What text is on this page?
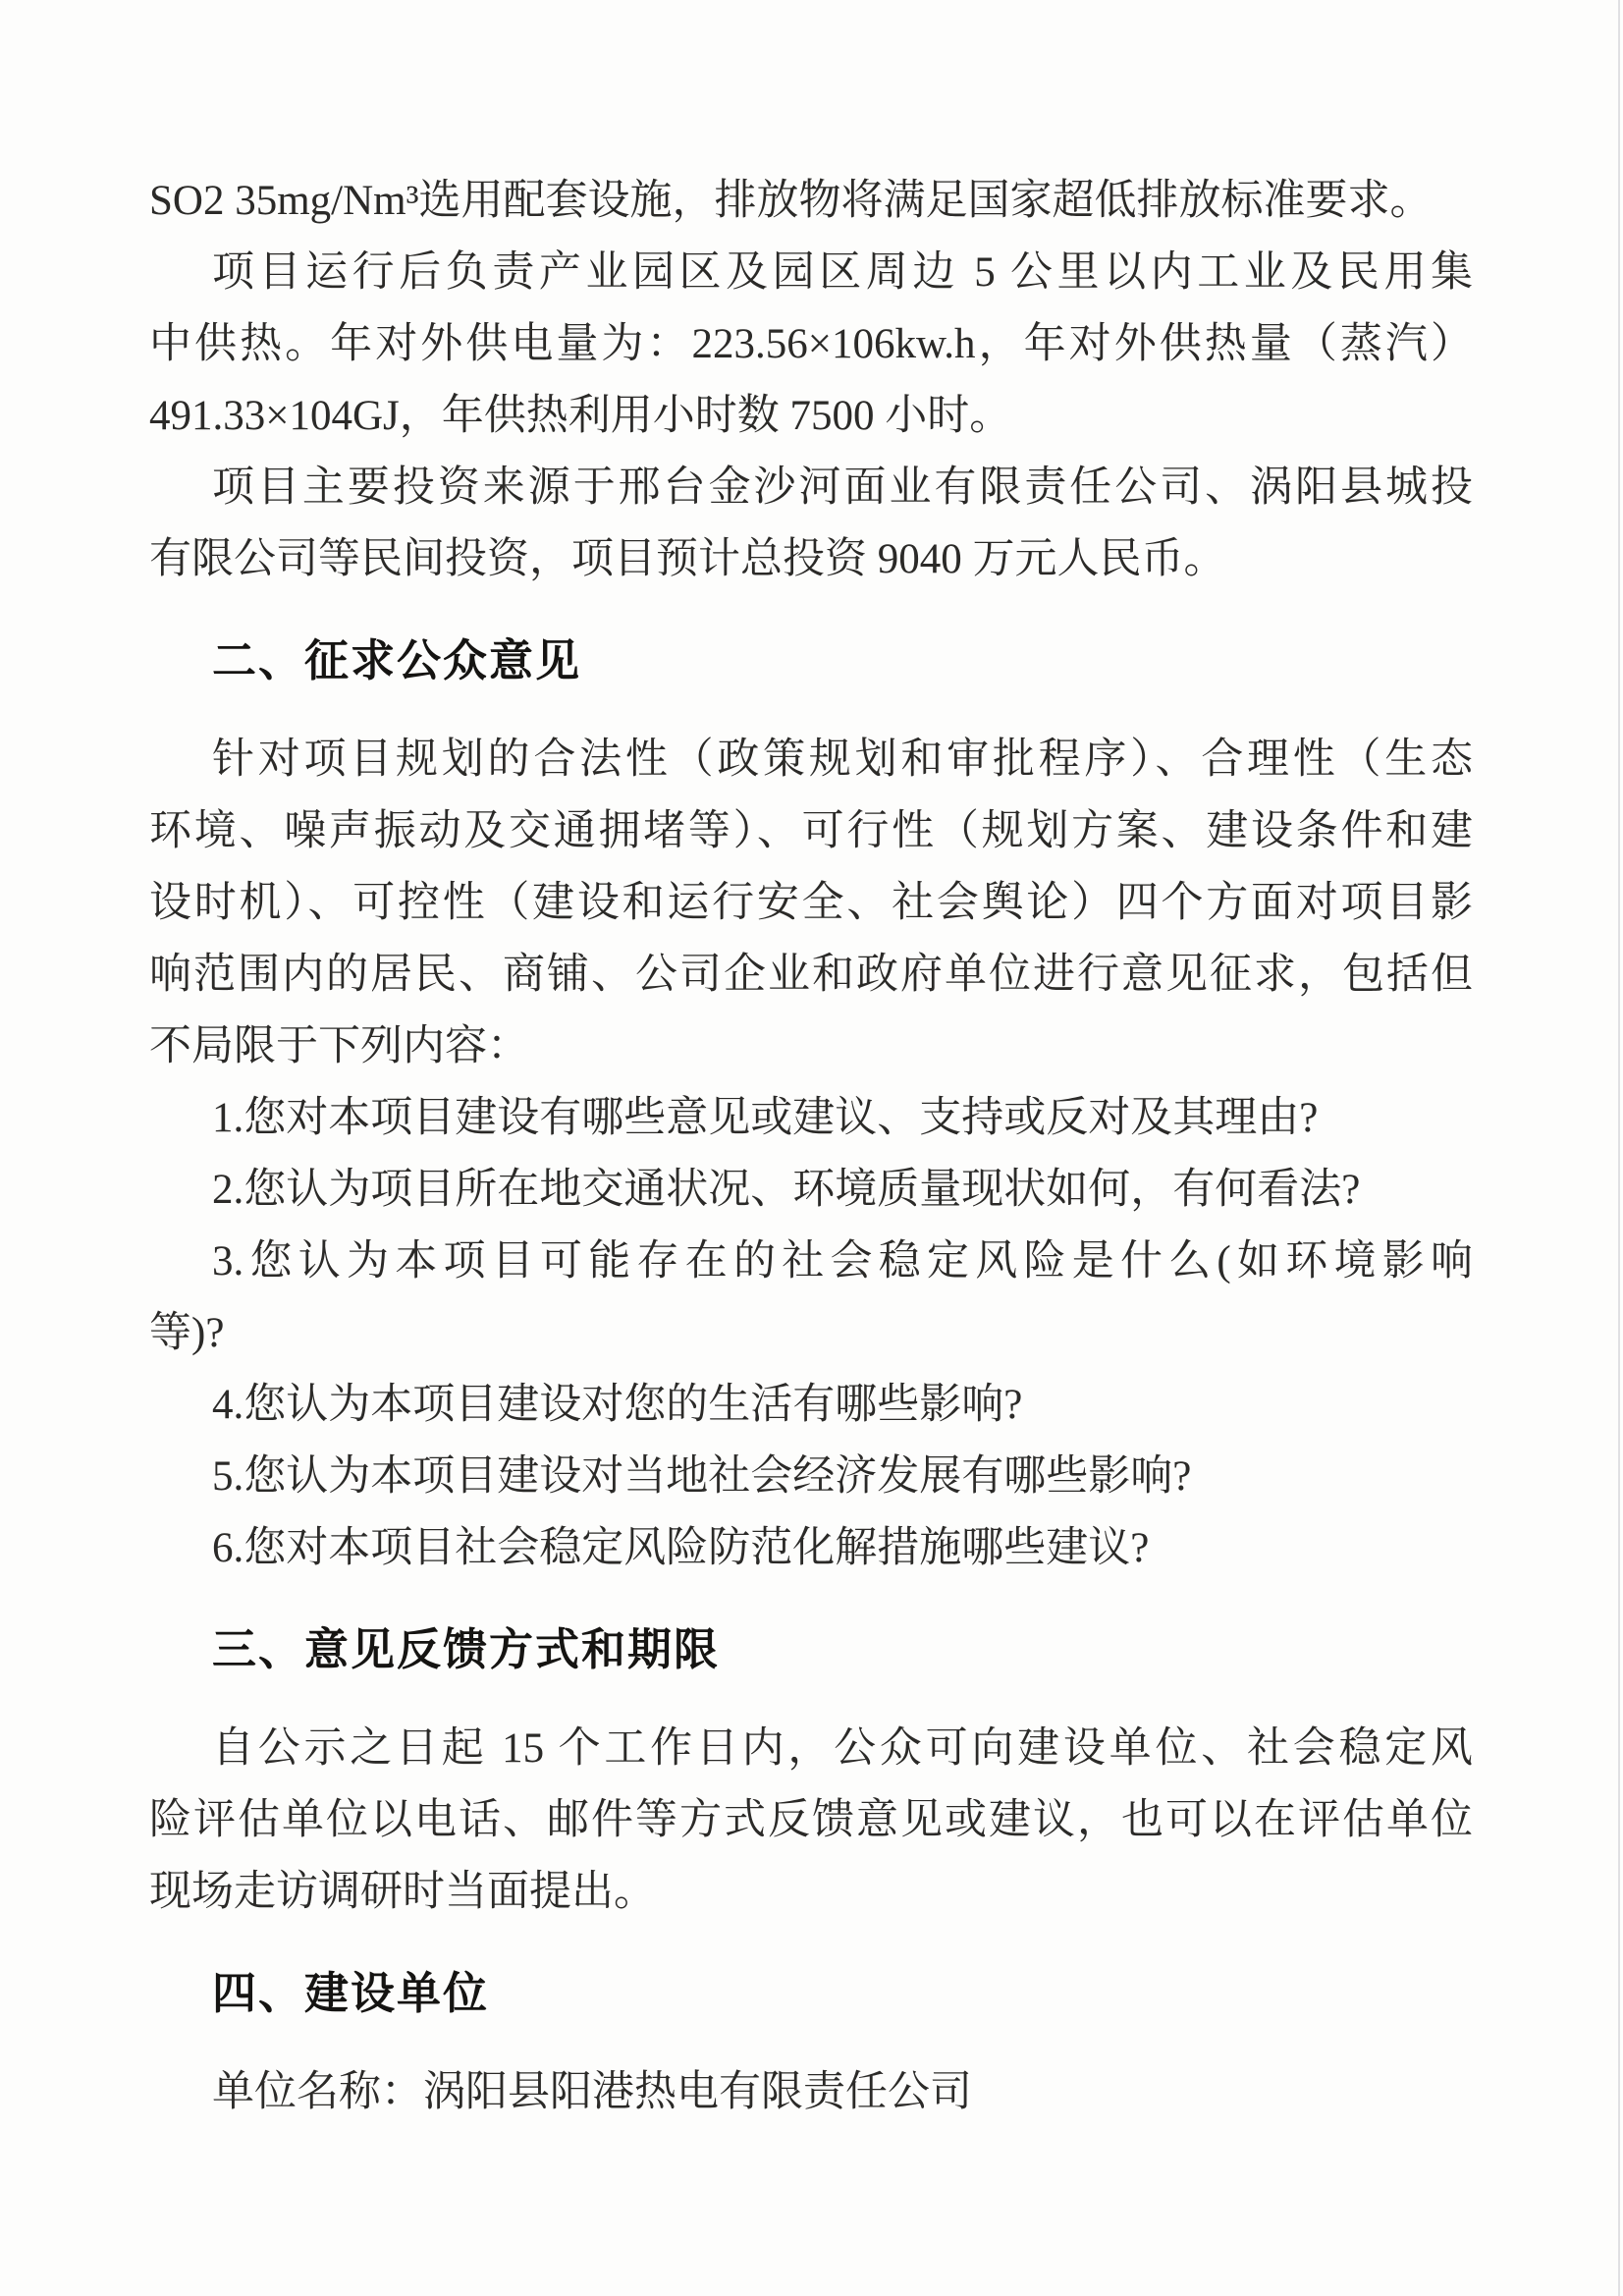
SO2 35mg/Nm³选用配套设施，排放物将满足国家超低排放标准要求。
项目运行后负责产业园区及园区周边 5 公里以内工业及民用集
中供热。年对外供电量为：223.56×106kw.h，年对外供热量（蒸汽）
491.33×104GJ，年供热利用小时数 7500 小时。
项目主要投资来源于邢台金沙河面业有限责任公司、涡阳县城投
有限公司等民间投资，项目预计总投资 9040 万元人民币。
二、征求公众意见
针对项目规划的合法性（政策规划和审批程序）、合理性（生态
环境、噪声振动及交通拥堵等）、可行性（规划方案、建设条件和建
设时机）、可控性（建设和运行安全、社会舆论）四个方面对项目影
响范围内的居民、商铺、公司企业和政府单位进行意见征求，包括但
不局限于下列内容：
1.您对本项目建设有哪些意见或建议、支持或反对及其理由?
2.您认为项目所在地交通状况、环境质量现状如何，有何看法?
3.您认为本项目可能存在的社会稳定风险是什么(如环境影响
等)?
4.您认为本项目建设对您的生活有哪些影响?
5.您认为本项目建设对当地社会经济发展有哪些影响?
6.您对本项目社会稳定风险防范化解措施哪些建议?
三、意见反馈方式和期限
自公示之日起 15 个工作日内，公众可向建设单位、社会稳定风
险评估单位以电话、邮件等方式反馈意见或建议，也可以在评估单位
现场走访调研时当面提出。
四、建设单位
单位名称：涡阳县阳港热电有限责任公司
